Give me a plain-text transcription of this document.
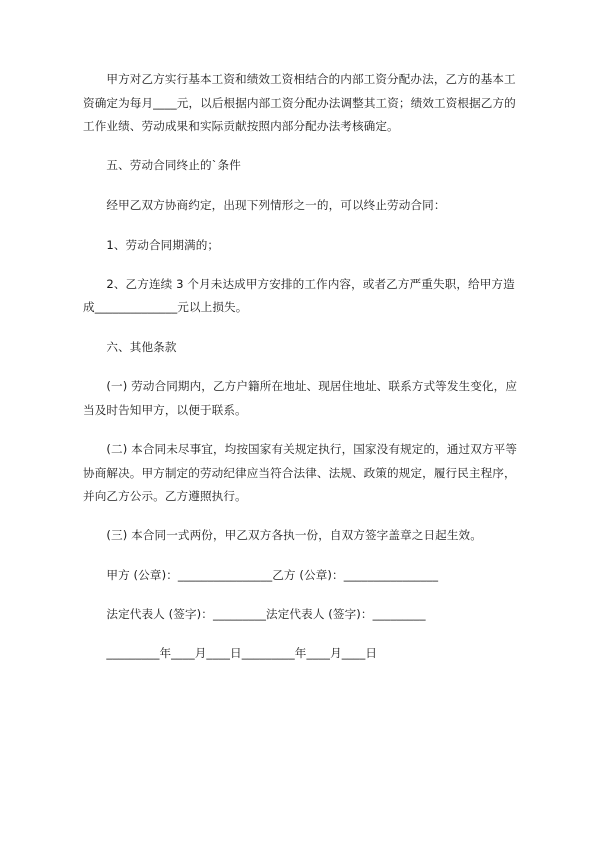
　　甲方对乙方实行基本工资和绩效工资相结合的内部工资分配办法，乙方的基本工
资确定为每月____元，以后根据内部工资分配办法调整其工资；绩效工资根据乙方的
工作业绩、劳动成果和实际贡献按照内部分配办法考核确定。
　　五、劳动合同终止的`条件
　　经甲乙双方协商约定，出现下列情形之一的，可以终止劳动合同：
　　1、劳动合同期满的；
　　2、乙方连续 3 个月未达成甲方安排的工作内容，或者乙方严重失职，给甲方造
成______________元以上损失。
　　六、其他条款
　　(一) 劳动合同期内，乙方户籍所在地址、现居住地址、联系方式等发生变化，应
当及时告知甲方，以便于联系。
　　(二) 本合同未尽事宜，均按国家有关规定执行，国家没有规定的，通过双方平等
协商解决。甲方制定的劳动纪律应当符合法律、法规、政策的规定，履行民主程序，
并向乙方公示。乙方遵照执行。
　　(三) 本合同一式两份，甲乙双方各执一份，自双方签字盖章之日起生效。
　　甲方 (公章)：________________乙方 (公章)：________________
　　法定代表人 (签字)：_________法定代表人 (签字)：_________
　　_________年____月____日_________年____月____日
